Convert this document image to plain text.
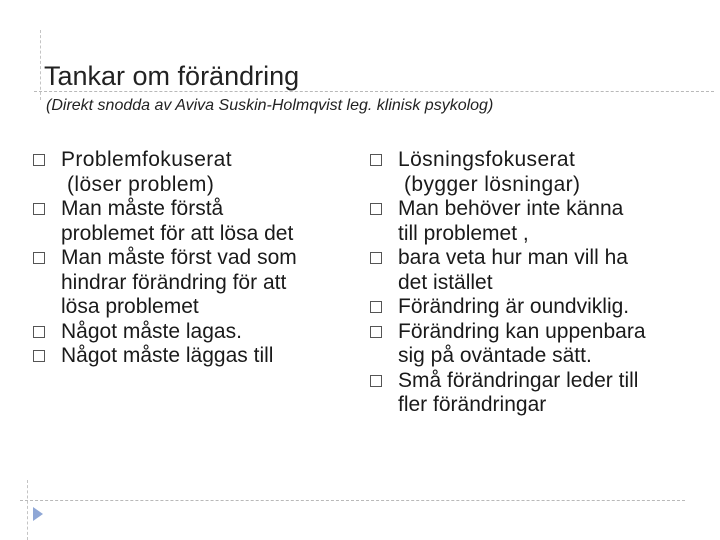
Tankar om förändring
(Direkt snodda av Aviva Suskin-Holmqvist leg. klinisk psykolog)
Problemfokuserat
(löser problem)
Man måste förstå
problemet för att lösa det
Man måste först vad som
hindrar förändring för att
lösa problemet
Något måste lagas.
Något måste läggas till
Lösningsfokuserat
(bygger lösningar)
Man behöver inte känna
till problemet ,
bara veta hur man vill ha
det istället
Förändring är oundviklig.
Förändring kan uppenbara
sig på oväntade sätt.
Små förändringar leder till
fler förändringar
